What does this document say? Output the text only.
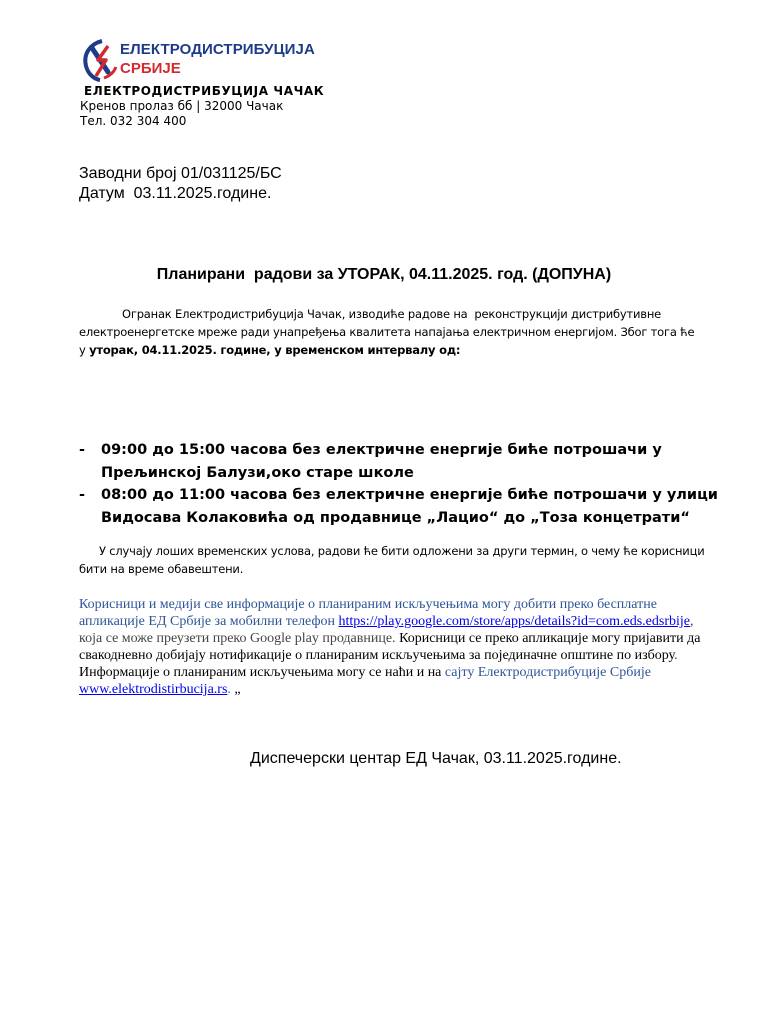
ЕЛЕКТРОДИСТРИБУЦИЈА
СРБИЈЕ
ЕЛЕКТРОДИСТРИБУЦИЈА ЧАЧАК
Кренов пролаз бб | 32000 Чачак
Тел. 032 304 400
Заводни број 01/031125/БС
Датум  03.11.2025.године.
Планирани  радови за УТОРАК, 04.11.2025. год. (ДОПУНА)
Огранак Електродистрибуција Чачак, изводиће радове на  реконструкцији дистрибутивне електроенергетске мреже ради унапређења квалитета напајања електричном енергијом. Због тога ће у уторак, 04.11.2025. године, у временском интервалу од:
- 09:00 до 15:00 часова без електричне енергије биће потрошачи у Прељинској Балузи,око старе школе
- 08:00 до 11:00 часова без електричне енергије биће потрошачи у улици Видосава Колаковића од продавнице „Лацио“ до „Тоза концетрати“
У случају лоших временских услова, радови ће бити одложени за други термин, о чему ће корисници бити на време обавештени.
Корисници и медији све информације о планираним искључењима могу добити преко бесплатне апликације ЕД Србије за мобилни телефон https://play.google.com/store/apps/details?id=com.eds.edsrbije, која се може преузети преко Google play продавнице. Корисници се преко апликације могу пријавити да свакодневно добијају нотификације о планираним искључењима за појединачне општине по избору. Информације о планираним искључењима могу се наћи и на сајту Електродистрибуције Србије www.elektrodistirbucija.rs. „
Диспечерски центар ЕД Чачак, 03.11.2025.године.
